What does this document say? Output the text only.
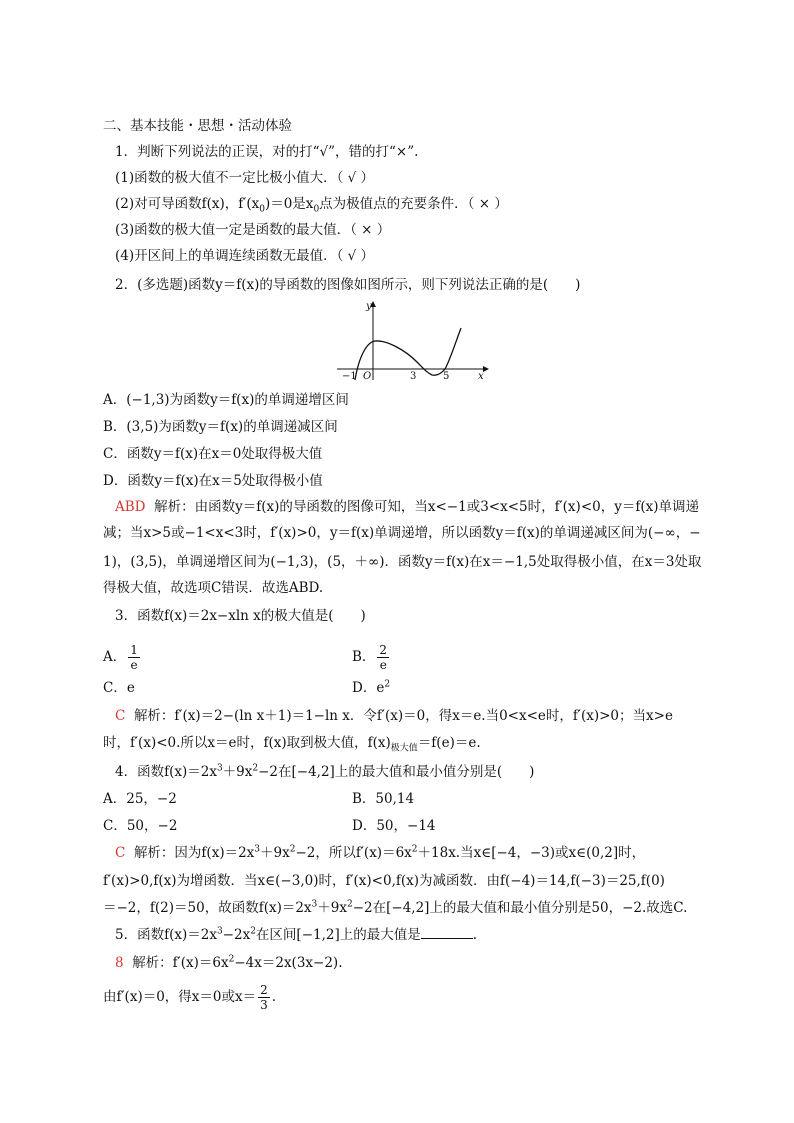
二、基本技能・思想・活动体验
1．判断下列说法的正误，对的打“√”，错的打“×”.
(1)函数的极大值不一定比极小值大．（ √ ）
(2)对可导函数f(x)，$f'(x_0)=0$是$x_0$点为极值点的充要条件．（ × ）
(3)函数的极大值一定是函数的最大值．（ × ）
(4)开区间上的单调连续函数无最值．（ √ ）
2．(多选题)函数y＝f(x)的导函数的图像如图所示，则下列说法正确的是(　　)
y
x
−1 O	3	5
A．(−1,3)为函数y＝f(x)的单调递增区间
B．(3,5)为函数y＝f(x)的单调递减区间
C．函数y＝f(x)在x＝0处取得极大值
D．函数y＝f(x)在x＝5处取得极小值
ABD 解析：由函数y＝f(x)的导函数的图像可知，当x<−1或3<x<5时，f′(x)<0，y＝f(x)单调递
减；当x>5或−1<x<3时，f′(x)>0，y＝f(x)单调递增，所以函数y＝f(x)的单调递减区间为(−∞，−
1)，(3,5)，单调递增区间为(−1,3)，(5，＋∞)．函数y＝f(x)在x＝−1,5处取得极小值，在x＝3处取
得极大值，故选项C错误．故选ABD.
3．函数f(x)＝2x−xln x的极大值是(　　)
A． $\frac{1}{e}$	B． $\frac{2}{e}$
C．e	D．$e^2$
C 解析：f′(x)＝2−(ln x＋1)＝1−ln x．令f′(x)＝0，得x＝e.当0<x<e时，f′(x)>0；当x>e
时，f′(x)<0.所以x＝e时，f(x)取到极大值，$f(x)_{极大值}=f(e)=e$.
4．函数$f(x)=2x^3+9x^2-2$在[−4,2]上的最大值和最小值分别是(　　)
A．25，−2	B．50,14
C．50，−2	D．50，−14
C 解析：因为$f(x)=2x^3+9x^2-2$，所以$f'(x)=6x^2+18x$.当x∈[−4，−3)或x∈(0,2]时，
f′(x)>0,f(x)为增函数．当x∈(−3,0)时，f′(x)<0,f(x)为减函数．由f(−4)＝14,f(−3)＝25,f(0)
＝−2，f(2)＝50，故函数$f(x)=2x^3+9x^2-2$在[−4,2]上的最大值和最小值分别是50，−2.故选C.
5．函数$f(x)=2x^3-2x^2$在区间[−1,2]上的最大值是	.
8 解析：$f'(x)=6x^2-4x=2x(3x-2)$.
由f′(x)＝0，得x＝0或$x= \frac{2}{3}$ .
